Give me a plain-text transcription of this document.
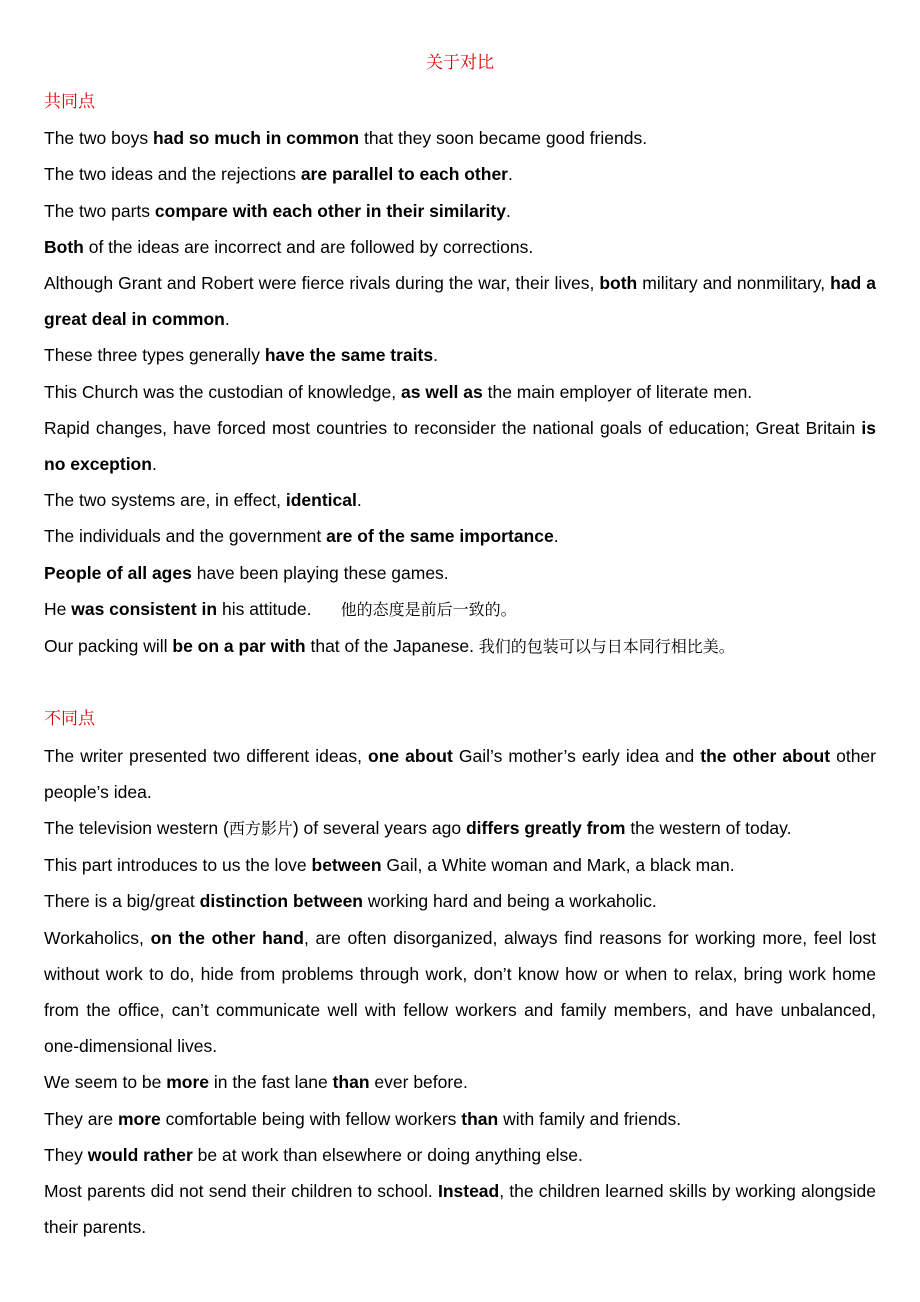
关于对比
共同点

The two boys had so much in common that they soon became good friends.

The two ideas and the rejections are parallel to each other.

The two parts compare with each other in their similarity.

Both of the ideas are incorrect and are followed by corrections.

Although Grant and Robert were fierce rivals during the war, their lives, both military and nonmilitary, had a great deal in common.

These three types generally have the same traits.

This Church was the custodian of knowledge, as well as the main employer of literate men.

Rapid changes, have forced most countries to reconsider the national goals of education; Great Britain is no exception.

The two systems are, in effect, identical.

The individuals and the government are of the same importance.

People of all ages have been playing these games.

He was consistent in his attitude.      他的态度是前后一致的。

Our packing will be on a par with that of the Japanese. 我们的包装可以与日本同行相比美。

不同点

The writer presented two different ideas, one about Gail’s mother’s early idea and the other about other people’s idea.

The television western (西方影片) of several years ago differs greatly from the western of today.

This part introduces to us the love between Gail, a White woman and Mark, a black man.

There is a big/great distinction between working hard and being a workaholic.

Workaholics, on the other hand, are often disorganized, always find reasons for working more, feel lost without work to do, hide from problems through work, don’t know how or when to relax, bring work home from the office, can’t communicate well with fellow workers and family members, and have unbalanced, one-dimensional lives.

We seem to be more in the fast lane than ever before.

They are more comfortable being with fellow workers than with family and friends.

They would rather be at work than elsewhere or doing anything else.

Most parents did not send their children to school. Instead, the children learned skills by working alongside their parents.
